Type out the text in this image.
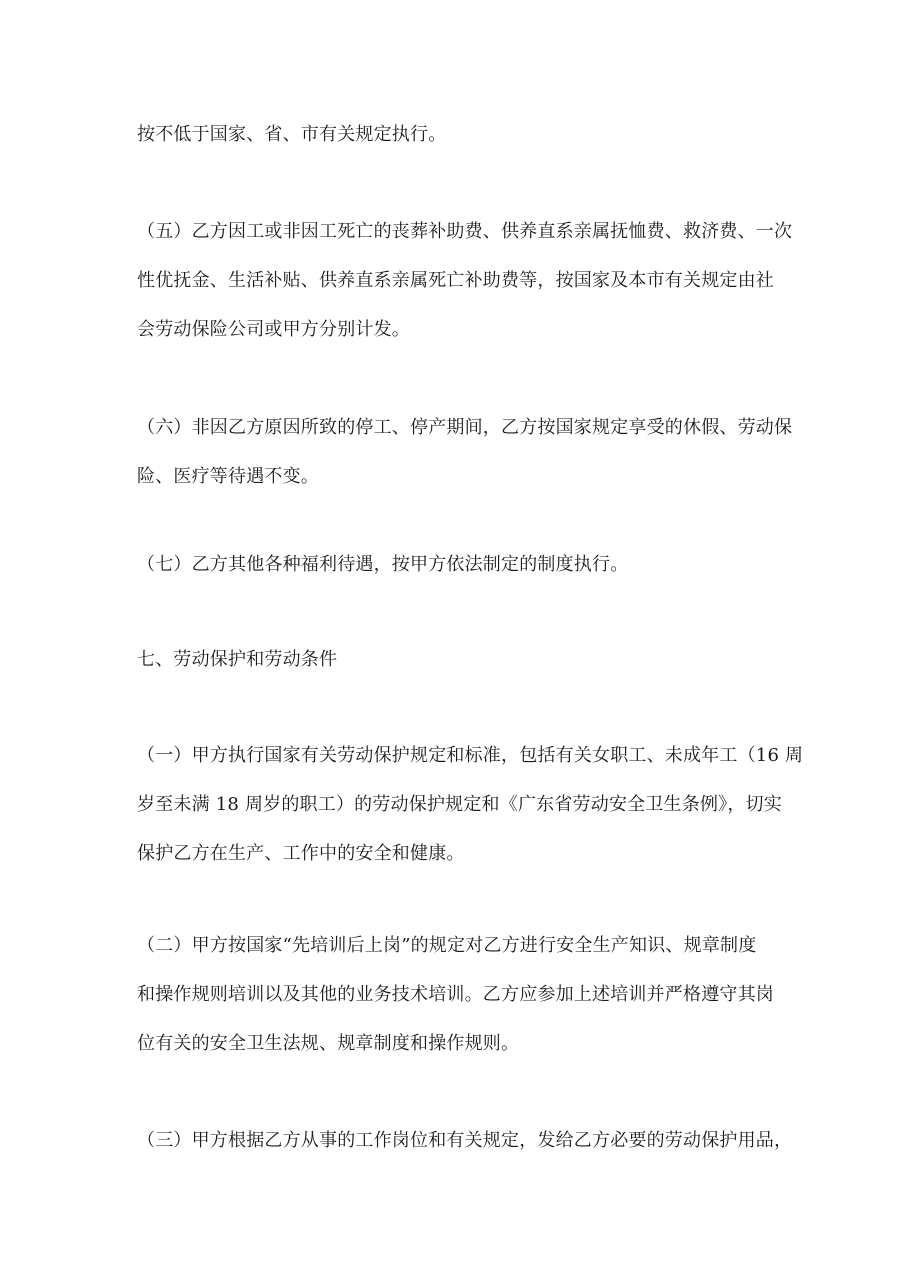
按不低于国家、省、市有关规定执行。
（五）乙方因工或非因工死亡的丧葬补助费、供养直系亲属抚恤费、救济费、一次
性优抚金、生活补贴、供养直系亲属死亡补助费等，按国家及本市有关规定由社
会劳动保险公司或甲方分别计发。
（六）非因乙方原因所致的停工、停产期间，乙方按国家规定享受的休假、劳动保
险、医疗等待遇不变。
（七）乙方其他各种福利待遇，按甲方依法制定的制度执行。
七、劳动保护和劳动条件
（一）甲方执行国家有关劳动保护规定和标准，包括有关女职工、未成年工（16 周
岁至未满 18 周岁的职工）的劳动保护规定和《广东省劳动安全卫生条例》，切实
保护乙方在生产、工作中的安全和健康。
（二）甲方按国家“先培训后上岗”的规定对乙方进行安全生产知识、规章制度
和操作规则培训以及其他的业务技术培训。乙方应参加上述培训并严格遵守其岗
位有关的安全卫生法规、规章制度和操作规则。
（三）甲方根据乙方从事的工作岗位和有关规定，发给乙方必要的劳动保护用品，
